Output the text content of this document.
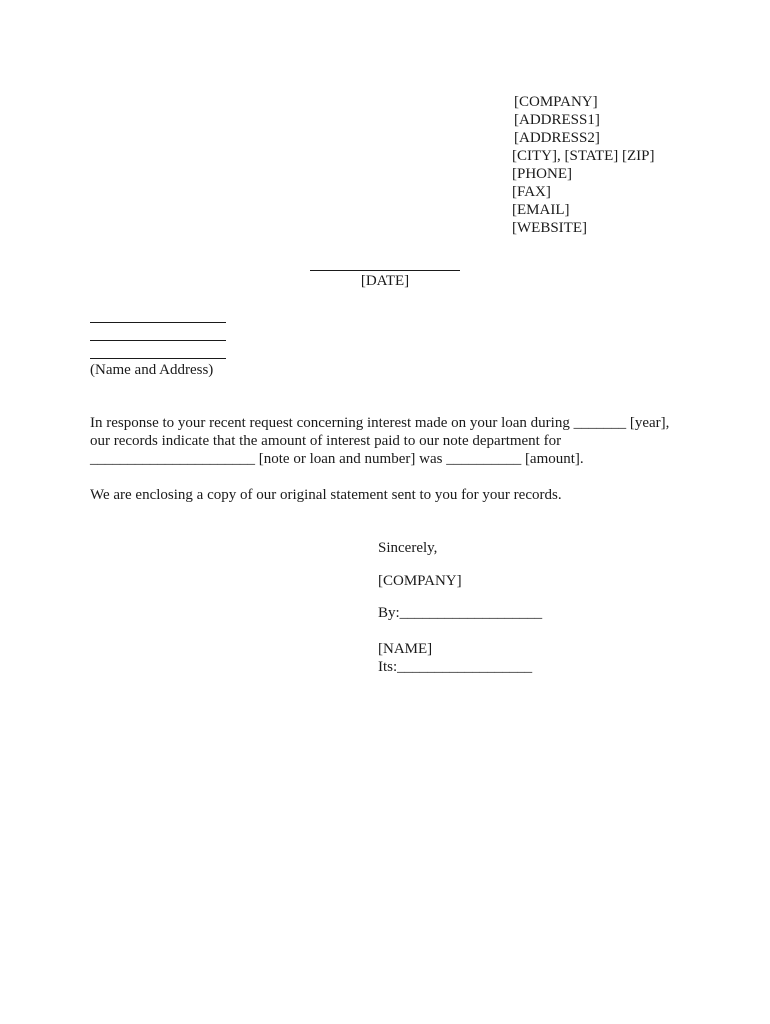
[COMPANY]
[ADDRESS1]
[ADDRESS2]
[CITY], [STATE] [ZIP]
[PHONE]
[FAX]
[EMAIL]
[WEBSITE]
[DATE]
(Name and Address)
In response to your recent request concerning interest made on your loan during _______ [year],
our records indicate that the amount of interest paid to our note department for
______________________ [note or loan and number] was __________ [amount].
We are enclosing a copy of our original statement sent to you for your records.
Sincerely,
[COMPANY]
By:___________________
[NAME]
Its:__________________
